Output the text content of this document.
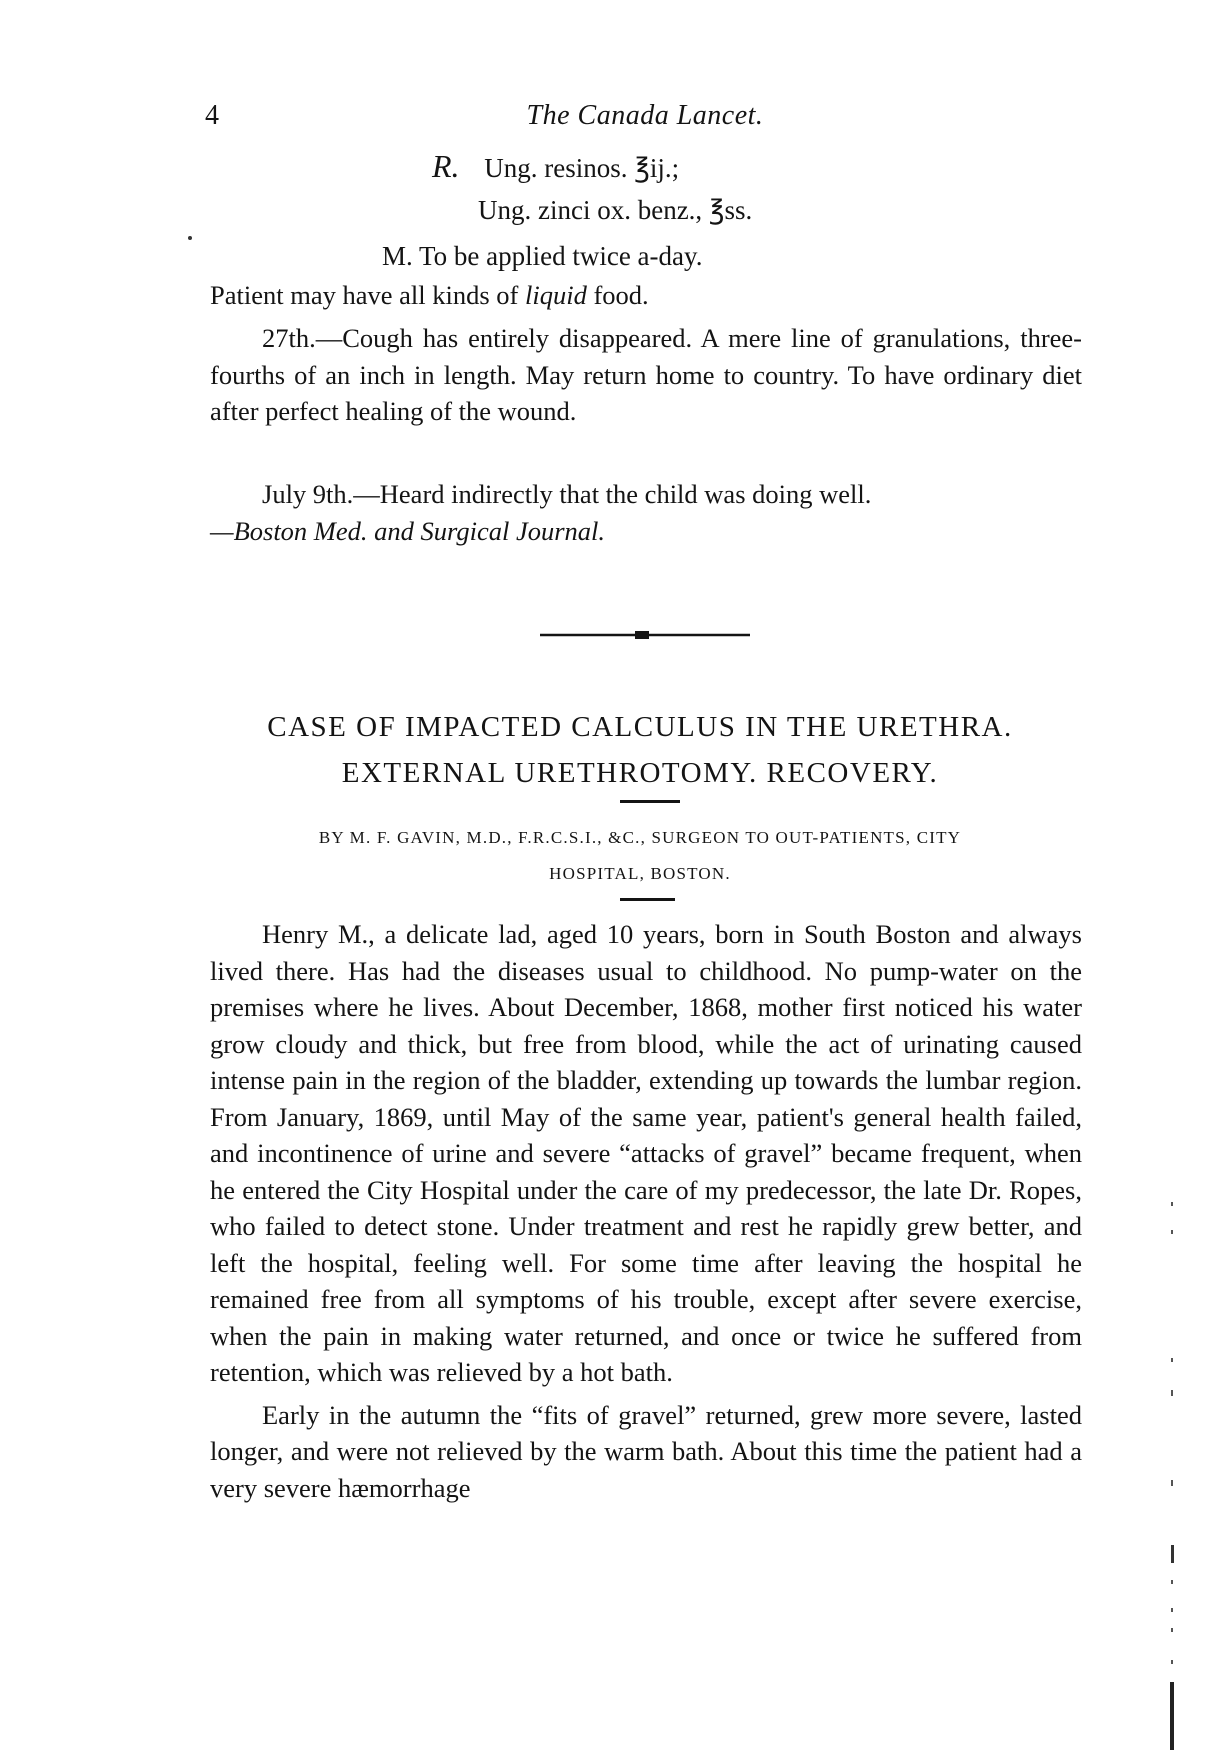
4	The Canada Lancet.
R. Ung. resinos. ℥ij.;
Ung. zinci ox. benz., ℥ss.
M. To be applied twice a-day.

Patient may have all kinds of liquid food.

27th.—Cough has entirely disappeared. A mere line of granulations, three-fourths of an inch in length. May return home to country. To have ordinary diet after perfect healing of the wound.

July 9th.—Heard indirectly that the child was doing well.

—Boston Med. and Surgical Journal.

CASE OF IMPACTED CALCULUS IN THE URETHRA.
EXTERNAL URETHROTOMY. RECOVERY.
BY M. F. GAVIN, M.D., F.R.C.S.I., &C., SURGEON TO OUT-PATIENTS, CITY
HOSPITAL, BOSTON.

Henry M., a delicate lad, aged 10 years, born in South Boston and always lived there. Has had the diseases usual to childhood. No pump-water on the premises where he lives. About December, 1868, mother first noticed his water grow cloudy and thick, but free from blood, while the act of urinating caused intense pain in the region of the bladder, extending up towards the lumbar region. From January, 1869, until May of the same year, patient's general health failed, and incontinence of urine and severe “attacks of gravel” became frequent, when he entered the City Hospital under the care of my predecessor, the late Dr. Ropes, who failed to detect stone. Under treatment and rest he rapidly grew better, and left the hospital, feeling well. For some time after leaving the hospital he remained free from all symptoms of his trouble, except after severe exercise, when the pain in making water returned, and once or twice he suffered from retention, which was relieved by a hot bath.

Early in the autumn the “fits of gravel” returned, grew more severe, lasted longer, and were not relieved by the warm bath. About this time the patient had a very severe hæmorrhage
